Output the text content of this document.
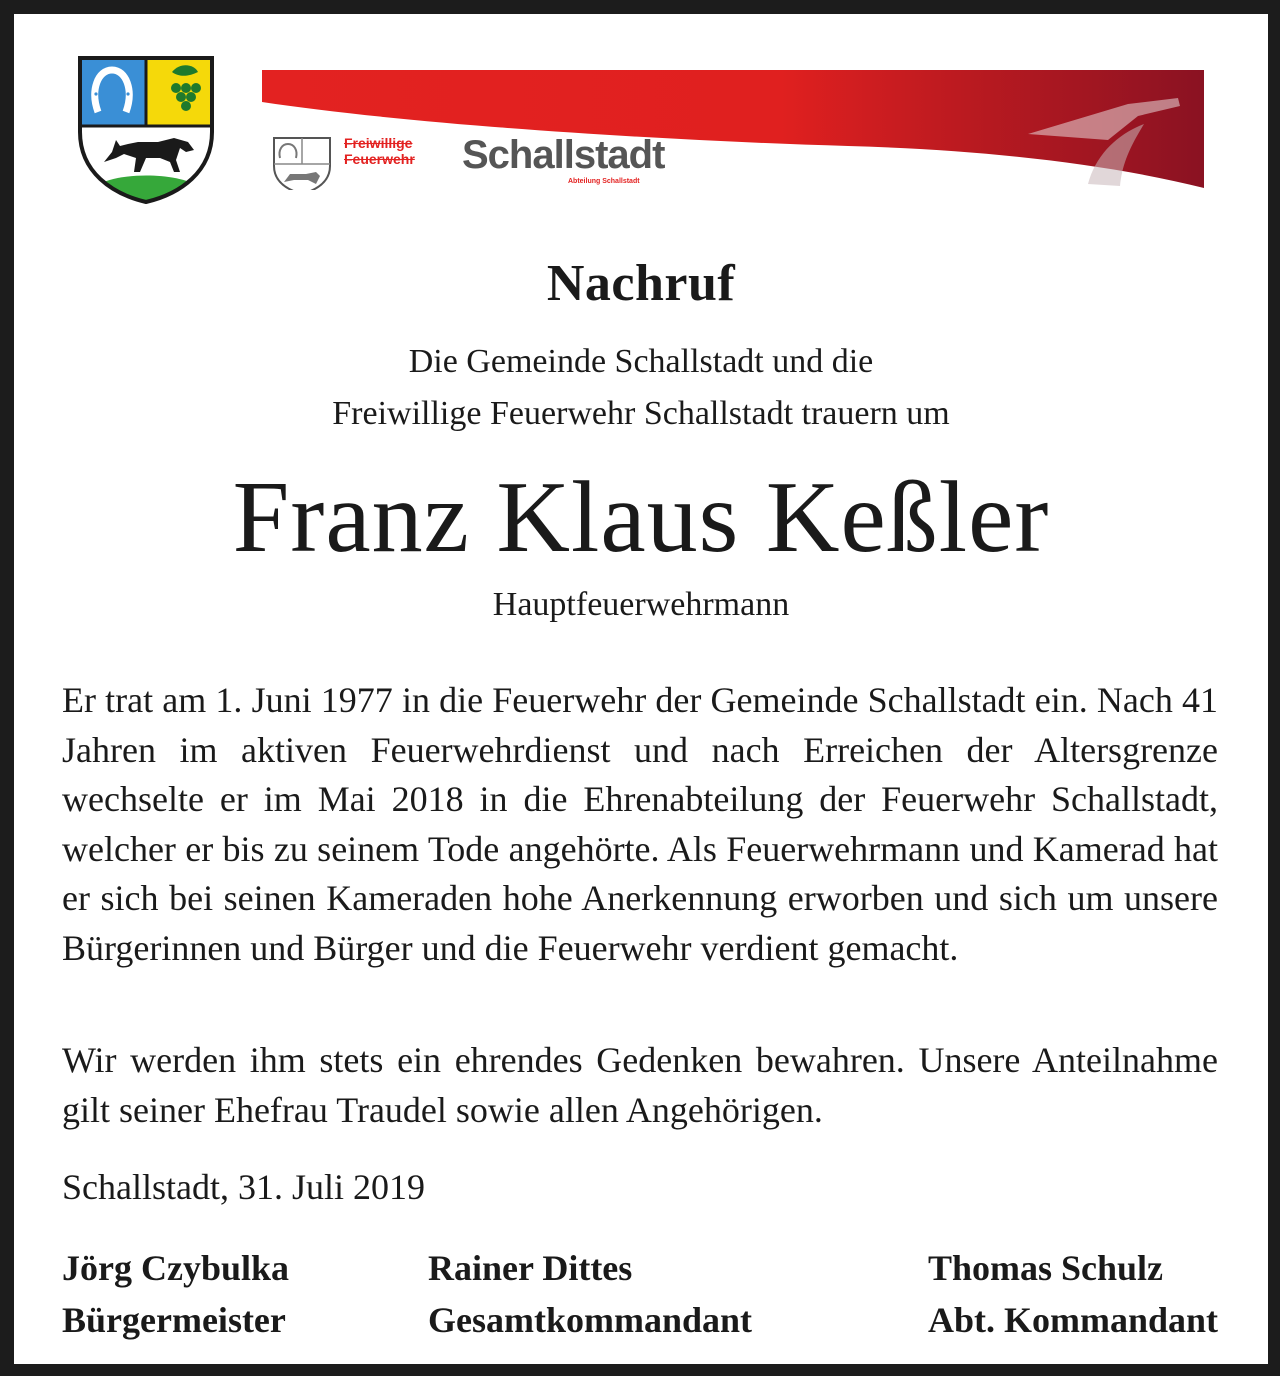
Freiwillige
Feuerwehr Schallstadt
Abteilung Schallstadt
Nachruf
Die Gemeinde Schallstadt und die
Freiwillige Feuerwehr Schallstadt trauern um
Franz Klaus Keßler
Hauptfeuerwehrmann

Er trat am 1. Juni 1977 in die Feuerwehr der Gemeinde Schallstadt ein. Nach 41 Jahren im aktiven Feuerwehrdienst und nach Erreichen der Altersgrenze wechselte er im Mai 2018 in die Ehrenabteilung der Feuerwehr Schallstadt, welcher er bis zu seinem Tode angehörte. Als Feuerwehrmann und Kamerad hat er sich bei seinen Kameraden hohe Anerkennung erworben und sich um unsere Bürgerinnen und Bürger und die Feuerwehr verdient gemacht.

Wir werden ihm stets ein ehrendes Gedenken bewahren. Unsere Anteilnahme gilt seiner Ehefrau Traudel sowie allen Angehörigen.

Schallstadt, 31. Juli 2019

Jörg Czybulka
Bürgermeister
Rainer Dittes
Gesamtkommandant
Thomas Schulz
Abt. Kommandant
